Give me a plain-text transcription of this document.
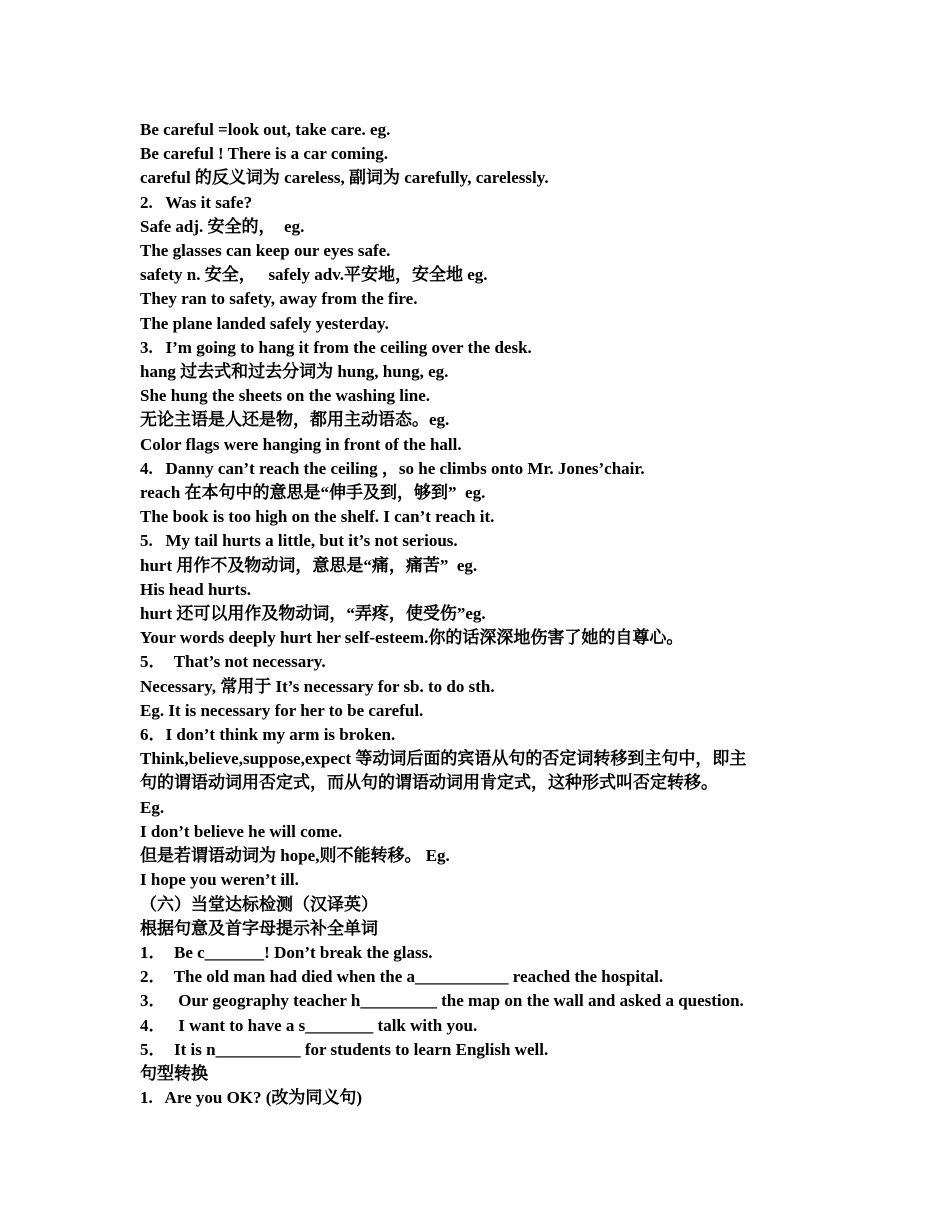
Be careful =look out, take care. eg.
Be careful ! There is a car coming.
careful 的反义词为 careless, 副词为 carefully, carelessly.
2.   Was it safe?
Safe adj. 安全的，  eg.
The glasses can keep our eyes safe.
safety n. 安全，   safely adv.平安地，安全地 eg.
They ran to safety, away from the fire.
The plane landed safely yesterday.
3.   I’m going to hang it from the ceiling over the desk.
hang 过去式和过去分词为 hung, hung, eg.
She hung the sheets on the washing line.
无论主语是人还是物，都用主动语态。eg.
Color flags were hanging in front of the hall.
4.   Danny can’t reach the ceiling ，so he climbs onto Mr. Jones’chair.
reach 在本句中的意思是“伸手及到，够到”  eg.
The book is too high on the shelf. I can’t reach it.
5.   My tail hurts a little, but it’s not serious.
hurt 用作不及物动词，意思是“痛，痛苦”  eg.
His head hurts.
hurt 还可以用作及物动词，“弄疼，使受伤”eg.
Your words deeply hurt her self-esteem.你的话深深地伤害了她的自尊心。
5．  That’s not necessary.
Necessary, 常用于 It’s necessary for sb. to do sth.
Eg. It is necessary for her to be careful.
6．I don’t think my arm is broken.
Think,believe,suppose,expect 等动词后面的宾语从句的否定词转移到主句中，即主
句的谓语动词用否定式，而从句的谓语动词用肯定式，这种形式叫否定转移。
Eg.
I don’t believe he will come.
但是若谓语动词为 hope,则不能转移。 Eg.
I hope you weren’t ill.
（六）当堂达标检测（汉译英）
根据句意及首字母提示补全单词
1．  Be c_______! Don’t break the glass.
2．  The old man had died when the a___________ reached the hospital.
3．   Our geography teacher h_________ the map on the wall and asked a question.
4．   I want to have a s________ talk with you.
5．  It is n__________ for students to learn English well.
句型转换
1.   Are you OK? (改为同义句)
